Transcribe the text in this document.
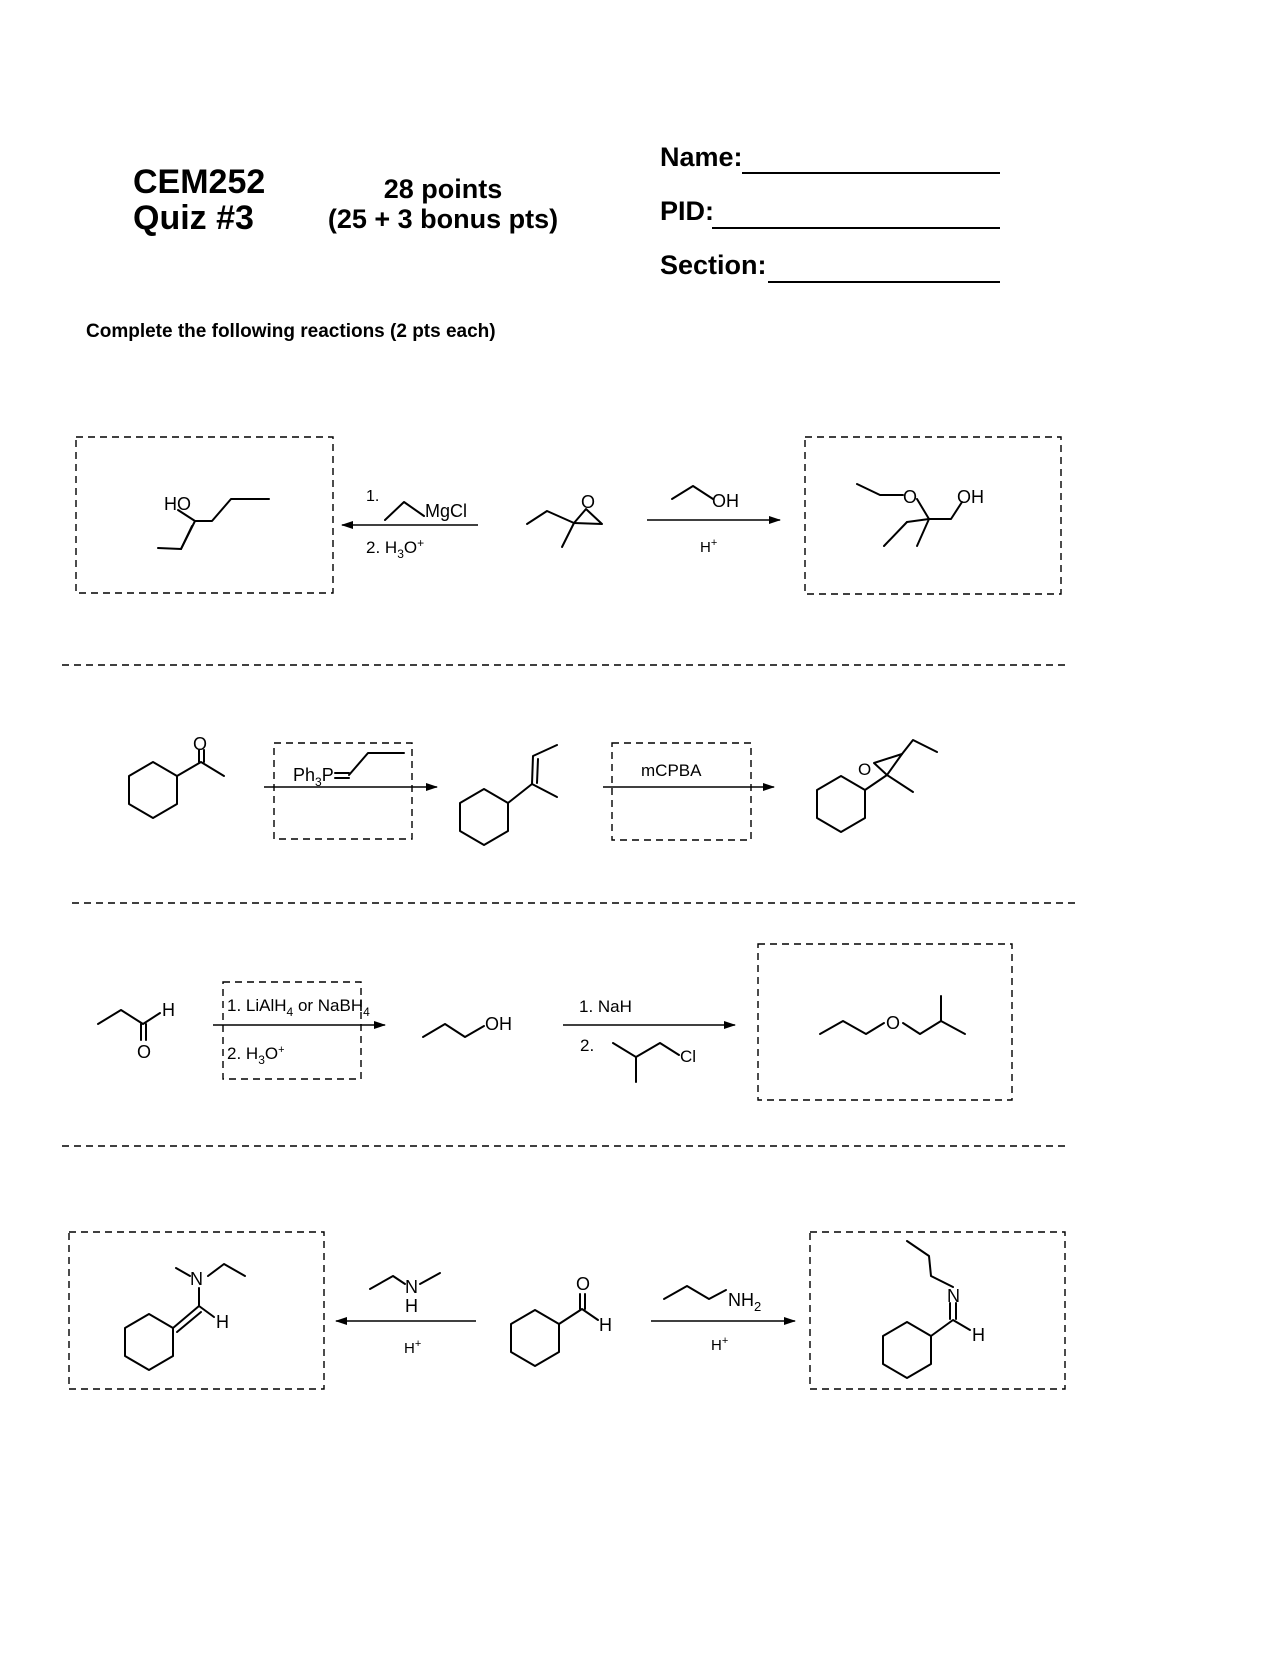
CEM252
Quiz #3
28 points
(25 + 3 bonus pts)
Name:
PID:
Section:
Complete the following reactions (2 pts each)
HO	1.
MgCl
2. $H_3O^+$
O	OH
H+
O OH
O
$Ph_3P$	mCPBA	O
H
O
1. LiAlH$_4$ or NaBH$_4$
2. $H_3O^+$
OH
1. NaH
2.
Cl
O
N
H
N
H
H+
O
H
$NH_2$
H+
N
H
